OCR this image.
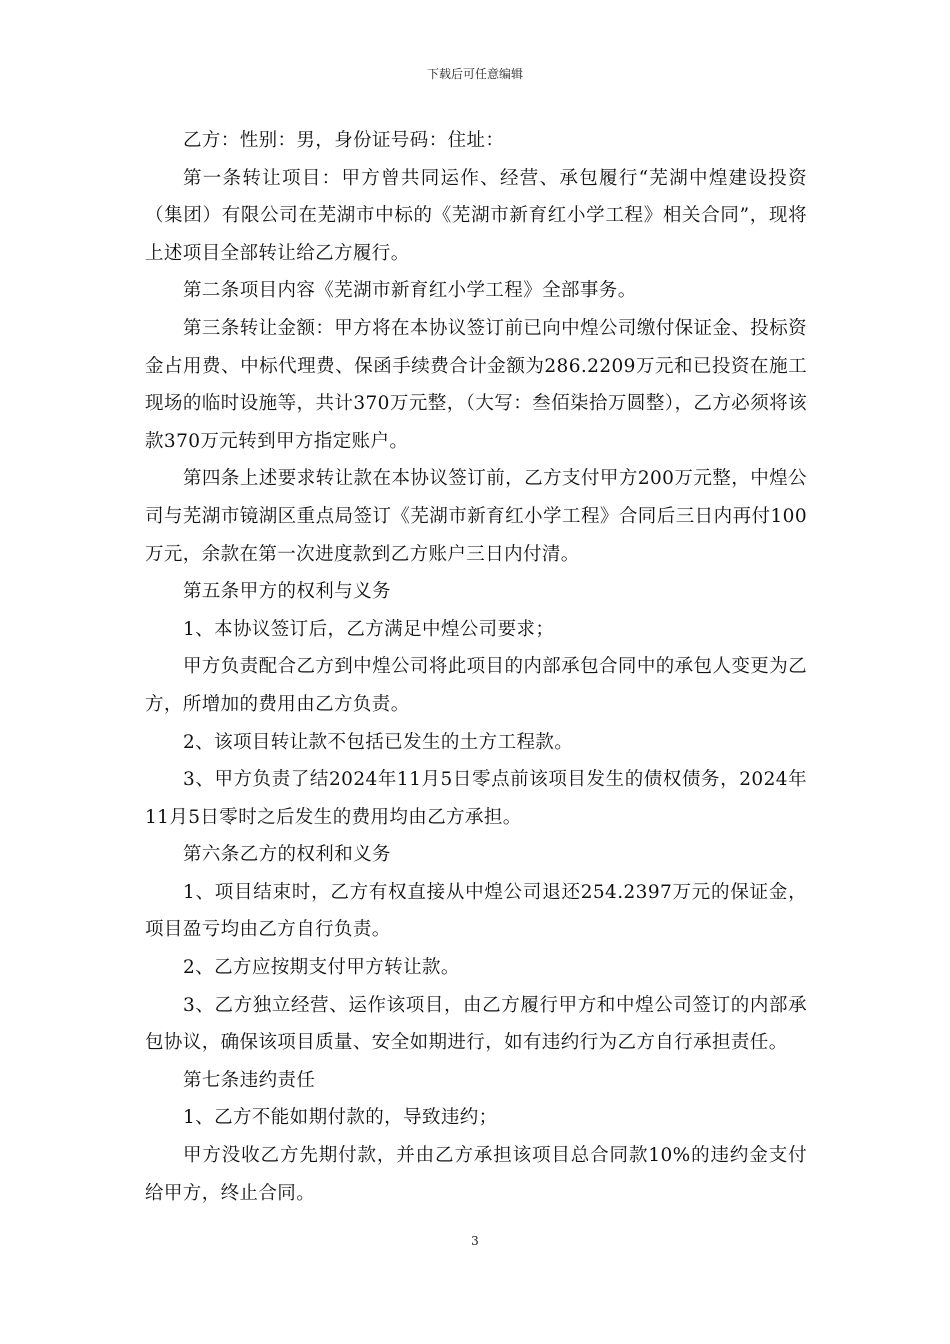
下载后可任意编辑

乙方：性别：男，身份证号码：住址：

第一条转让项目：甲方曾共同运作、经营、承包履行“芜湖中煌建设投资（集团）有限公司在芜湖市中标的《芜湖市新育红小学工程》相关合同”，现将上述项目全部转让给乙方履行。

第二条项目内容《芜湖市新育红小学工程》全部事务。

第三条转让金额：甲方将在本协议签订前已向中煌公司缴付保证金、投标资金占用费、中标代理费、保函手续费合计金额为286.2209万元和已投资在施工现场的临时设施等，共计370万元整，（大写：叁佰柒拾万圆整），乙方必须将该款370万元转到甲方指定账户。

第四条上述要求转让款在本协议签订前，乙方支付甲方200万元整，中煌公司与芜湖市镜湖区重点局签订《芜湖市新育红小学工程》合同后三日内再付100万元，余款在第一次进度款到乙方账户三日内付清。

第五条甲方的权利与义务

1、本协议签订后，乙方满足中煌公司要求；

甲方负责配合乙方到中煌公司将此项目的内部承包合同中的承包人变更为乙方，所增加的费用由乙方负责。

2、该项目转让款不包括已发生的土方工程款。

3、甲方负责了结2024年11月5日零点前该项目发生的债权债务，2024年11月5日零时之后发生的费用均由乙方承担。

第六条乙方的权利和义务

1、项目结束时，乙方有权直接从中煌公司退还254.2397万元的保证金，项目盈亏均由乙方自行负责。

2、乙方应按期支付甲方转让款。

3、乙方独立经营、运作该项目，由乙方履行甲方和中煌公司签订的内部承包协议，确保该项目质量、安全如期进行，如有违约行为乙方自行承担责任。

第七条违约责任

1、乙方不能如期付款的，导致违约；

甲方没收乙方先期付款，并由乙方承担该项目总合同款10%的违约金支付给甲方，终止合同。

3
